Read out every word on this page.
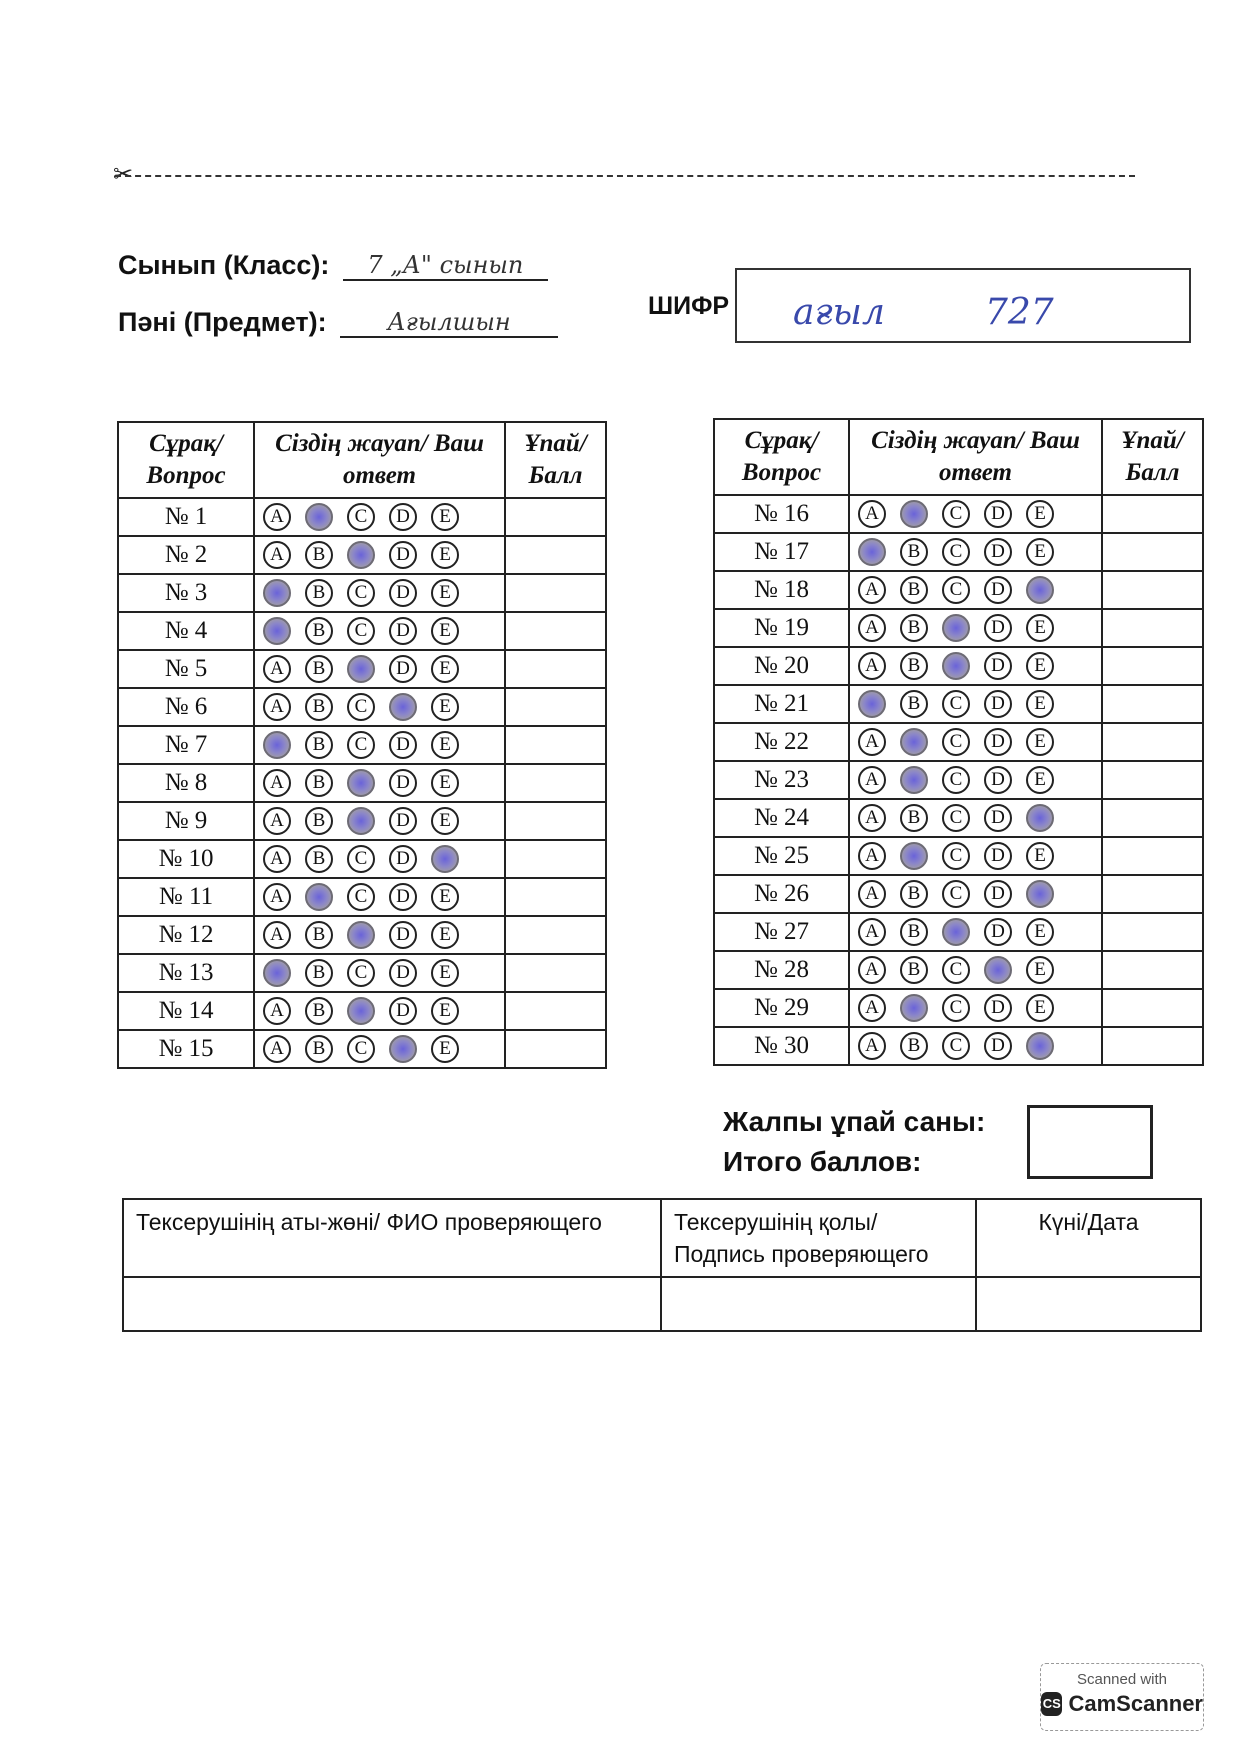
✂
Сынып (Класс): 7 „А" сынып
Пәні (Предмет):	Ағылшын
ШИФР ағыл	727
Сұрақ/ Вопрос	Сіздің жауап/ Ваш ответ	Ұпай/ Балл
№ 1	A C D E	
№ 2	A B D E	
№ 3	B C D E	
№ 4	B C D E	
№ 5	A B D E	
№ 6	A B C E	
№ 7	B C D E	
№ 8	A B D E	
№ 9	A B D E	
№ 10	A B C D	
№ 11	A C D E	
№ 12	A B D E	
№ 13	B C D E	
№ 14	A B D E	
№ 15	A B C E	
Сұрақ/ Вопрос	Сіздің жауап/ Ваш ответ	Ұпай/ Балл
№ 16	A C D E	
№ 17	B C D E	
№ 18	A B C D	
№ 19	A B D E	
№ 20	A B D E	
№ 21	B C D E	
№ 22	A C D E	
№ 23	A C D E	
№ 24	A B C D	
№ 25	A C D E	
№ 26	A B C D	
№ 27	A B D E	
№ 28	A B C E	
№ 29	A C D E	
№ 30	A B C D	
Жалпы ұпай саны:
Итого баллов:
Тексерушінің аты-жөні/ ФИО проверяющего	Тексерушінің қолы/ Подпись проверяющего	Күні/Дата

Scanned with
CS CamScanner
